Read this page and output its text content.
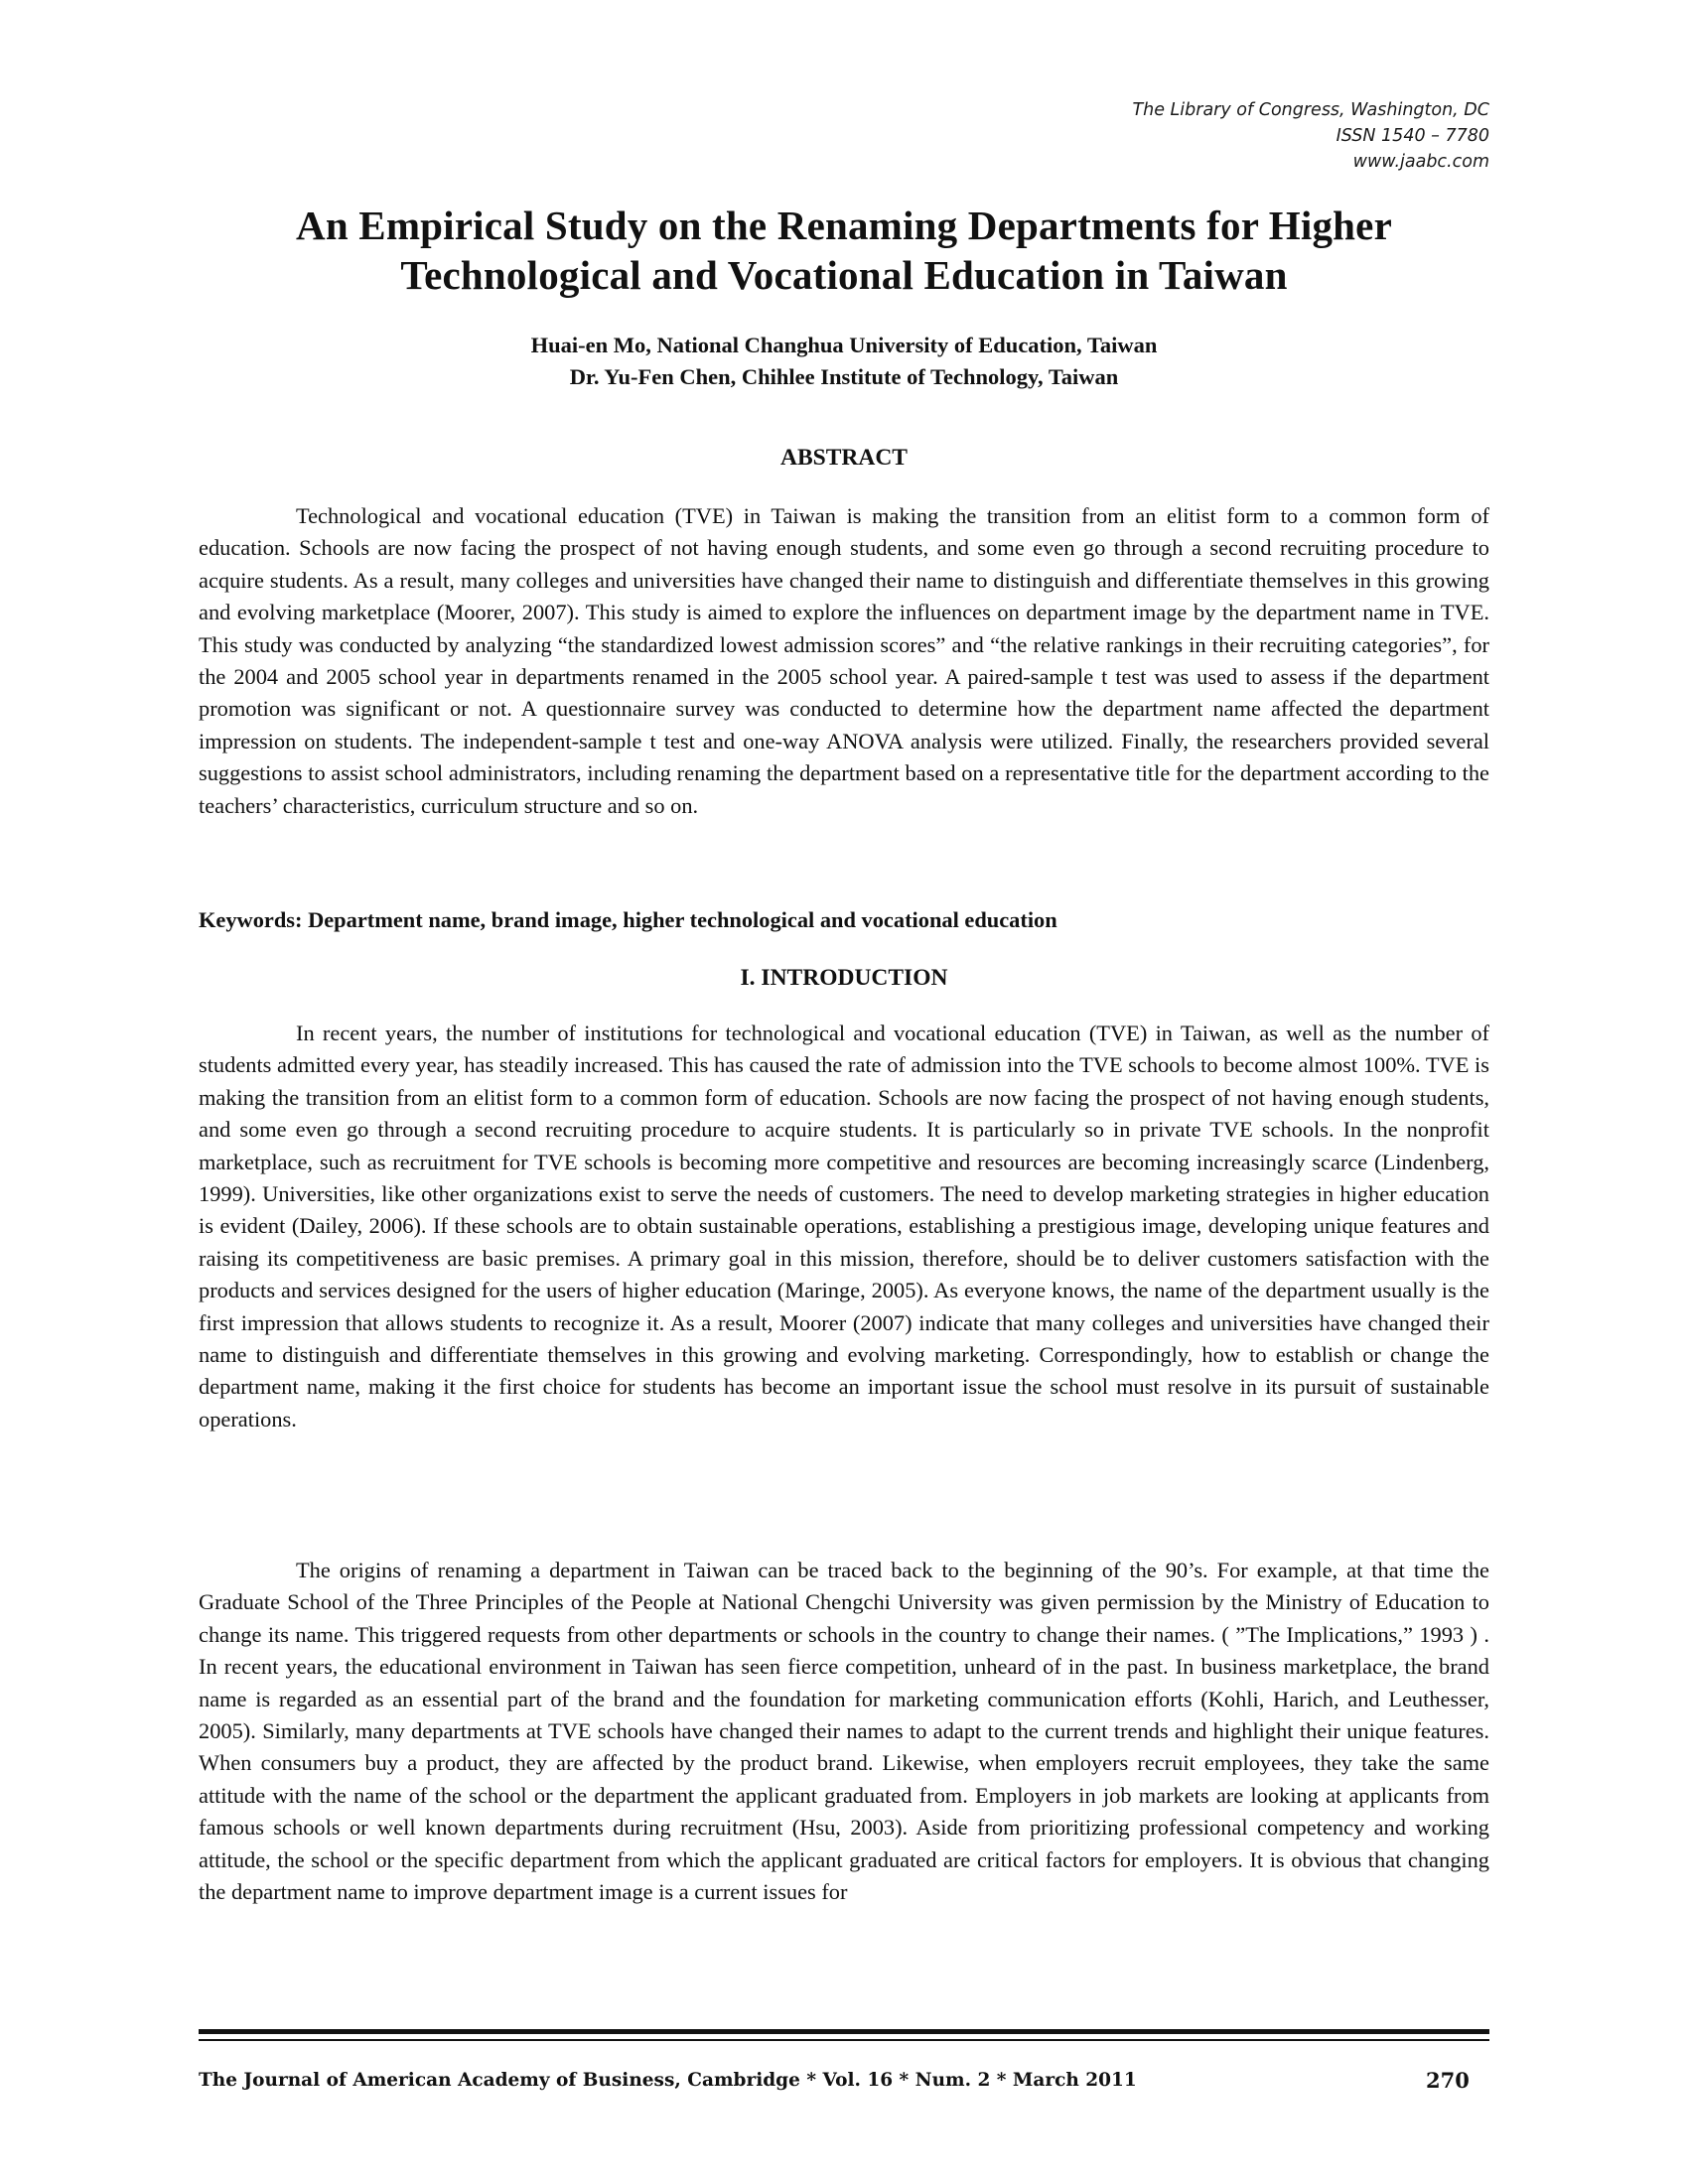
The Library of Congress, Washington, DC
ISSN 1540 – 7780
www.jaabc.com
An Empirical Study on the Renaming Departments for Higher
Technological and Vocational Education in Taiwan
Huai-en Mo, National Changhua University of Education, Taiwan
Dr. Yu-Fen Chen, Chihlee Institute of Technology, Taiwan
ABSTRACT

Technological and vocational education (TVE) in Taiwan is making the transition from an elitist form to a common form of education. Schools are now facing the prospect of not having enough students, and some even go through a second recruiting procedure to acquire students. As a result, many colleges and universities have changed their name to distinguish and differentiate themselves in this growing and evolving marketplace (Moorer, 2007). This study is aimed to explore the influences on department image by the department name in TVE. This study was conducted by analyzing “the standardized lowest admission scores” and “the relative rankings in their recruiting categories”, for the 2004 and 2005 school year in departments renamed in the 2005 school year. A paired-sample t test was used to assess if the department promotion was significant or not. A questionnaire survey was conducted to determine how the department name affected the department impression on students. The independent-sample t test and one-way ANOVA analysis were utilized. Finally, the researchers provided several suggestions to assist school administrators, including renaming the department based on a representative title for the department according to the teachers’ characteristics, curriculum structure and so on.

Keywords: Department name, brand image, higher technological and vocational education

I. INTRODUCTION

In recent years, the number of institutions for technological and vocational education (TVE) in Taiwan, as well as the number of students admitted every year, has steadily increased. This has caused the rate of admission into the TVE schools to become almost 100%. TVE is making the transition from an elitist form to a common form of education. Schools are now facing the prospect of not having enough students, and some even go through a second recruiting procedure to acquire students. It is particularly so in private TVE schools. In the nonprofit marketplace, such as recruitment for TVE schools is becoming more competitive and resources are becoming increasingly scarce (Lindenberg, 1999). Universities, like other organizations exist to serve the needs of customers. The need to develop marketing strategies in higher education is evident (Dailey, 2006). If these schools are to obtain sustainable operations, establishing a prestigious image, developing unique features and raising its competitiveness are basic premises. A primary goal in this mission, therefore, should be to deliver customers satisfaction with the products and services designed for the users of higher education (Maringe, 2005). As everyone knows, the name of the department usually is the first impression that allows students to recognize it. As a result, Moorer (2007) indicate that many colleges and universities have changed their name to distinguish and differentiate themselves in this growing and evolving marketing. Correspondingly, how to establish or change the department name, making it the first choice for students has become an important issue the school must resolve in its pursuit of sustainable operations.

The origins of renaming a department in Taiwan can be traced back to the beginning of the 90’s. For example, at that time the Graduate School of the Three Principles of the People at National Chengchi University was given permission by the Ministry of Education to change its name. This triggered requests from other departments or schools in the country to change their names. ( ”The Implications,” 1993 ) . In recent years, the educational environment in Taiwan has seen fierce competition, unheard of in the past. In business marketplace, the brand name is regarded as an essential part of the brand and the foundation for marketing communication efforts (Kohli, Harich, and Leuthesser, 2005). Similarly, many departments at TVE schools have changed their names to adapt to the current trends and highlight their unique features. When consumers buy a product, they are affected by the product brand. Likewise, when employers recruit employees, they take the same attitude with the name of the school or the department the applicant graduated from. Employers in job markets are looking at applicants from famous schools or well known departments during recruitment (Hsu, 2003). Aside from prioritizing professional competency and working attitude, the school or the specific department from which the applicant graduated are critical factors for employers. It is obvious that changing the department name to improve department image is a current issues for

The Journal of American Academy of Business, Cambridge * Vol. 16 * Num. 2 * March 2011	270
